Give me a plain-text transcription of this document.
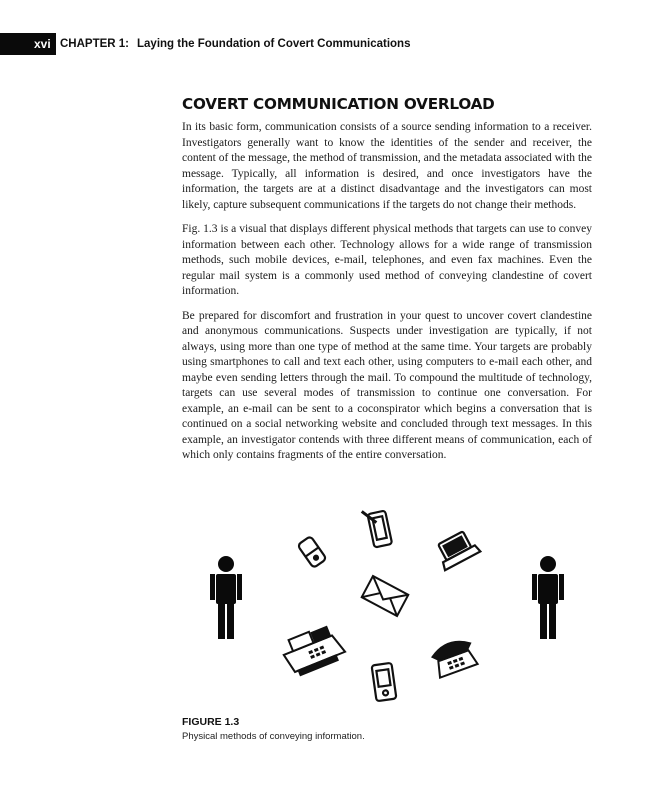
xvi CHAPTER 1: Laying the Foundation of Covert Communications
COVERT COMMUNICATION OVERLOAD

In its basic form, communication consists of a source sending information to a receiver. Investigators generally want to know the identities of the sender and receiver, the content of the message, the method of transmission, and the metadata associated with the message. Typically, all information is desired, and once investigators have the information, the targets are at a distinct disadvantage and the investigators can most likely, capture subsequent communications if the targets do not change their methods.

Fig. 1.3 is a visual that displays different physical methods that targets can use to convey information between each other. Technology allows for a wide range of transmission methods, such mobile devices, e-mail, telephones, and even fax machines. Even the regular mail system is a commonly used method of conveying clandestine of covert information.

Be prepared for discomfort and frustration in your quest to uncover covert clandestine and anonymous communications. Suspects under investigation are typically, if not always, using more than one type of method at the same time. Your targets are probably using smartphones to call and text each other, using computers to e-mail each other, and maybe even sending letters through the mail. To compound the multitude of technology, targets can use several modes of transmission to continue one conversation. For example, an e-mail can be sent to a coconspirator which begins a conversation that is continued on a social networking website and concluded through text messages. In this example, an investigator contends with three different means of communication, each of which only contains fragments of the entire conversation.

FIGURE 1.3
Physical methods of conveying information.
